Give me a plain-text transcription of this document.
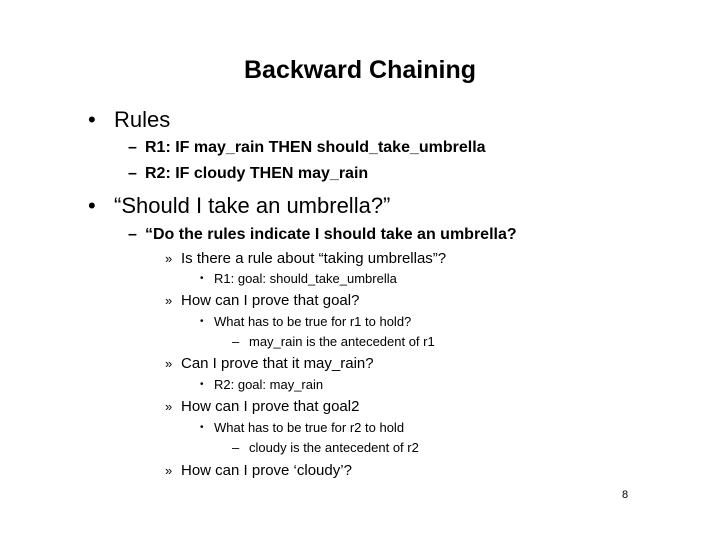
Backward Chaining
• Rules
– R1: IF may_rain THEN should_take_umbrella
– R2: IF cloudy THEN may_rain
• “Should I take an umbrella?”
– “Do the rules indicate I should take an umbrella?
» Is there a rule about “taking umbrellas”?
• R1: goal: should_take_umbrella
» How can I prove that goal?
• What has to be true for r1 to hold?
– may_rain is the antecedent of r1
» Can I prove that it may_rain?
• R2: goal: may_rain
» How can I prove that goal2
• What has to be true for r2 to hold
– cloudy is the antecedent of r2
» How can I prove ‘cloudy’?
8
